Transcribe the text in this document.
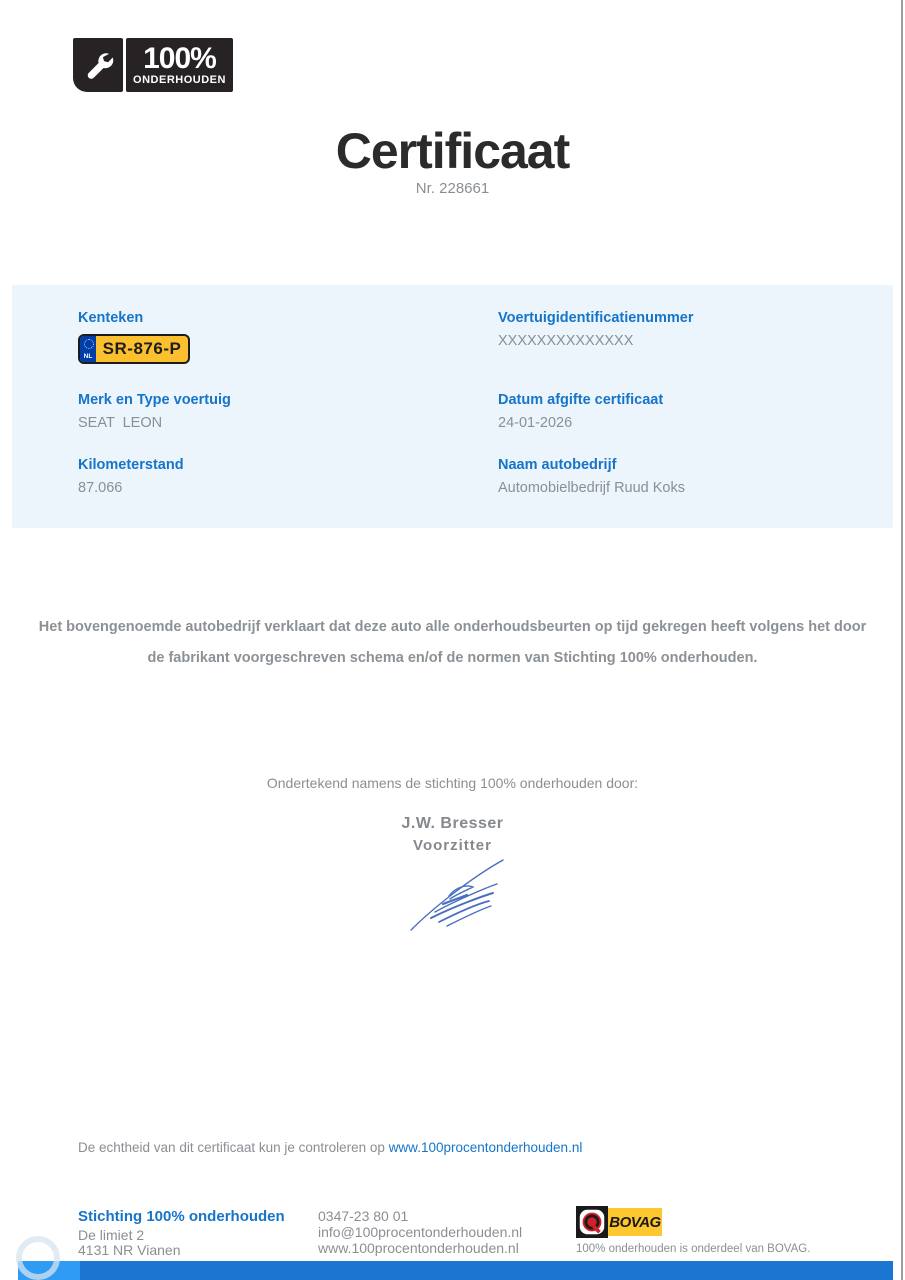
100%
ONDERHOUDEN
Certificaat
Nr. 228661
Kenteken
NL SR-876-P
Merk en Type voertuig
SEAT  LEON
Kilometerstand
87.066
Voertuigidentificatienummer
XXXXXXXXXXXXXX
Datum afgifte certificaat
24-01-2026
Naam autobedrijf
Automobielbedrijf Ruud Koks
Het bovengenoemde autobedrijf verklaart dat deze auto alle onderhoudsbeurten op tijd gekregen heeft volgens het door de fabrikant voorgeschreven schema en/of de normen van Stichting 100% onderhouden.
Ondertekend namens de stichting 100% onderhouden door:
J.W. Bresser
Voorzitter
De echtheid van dit certificaat kun je controleren op www.100procentonderhouden.nl
Stichting 100% onderhouden
De limiet 2
4131 NR Vianen
0347-23 80 01
info@100procentonderhouden.nl
www.100procentonderhouden.nl
BOVAG
100% onderhouden is onderdeel van BOVAG.
